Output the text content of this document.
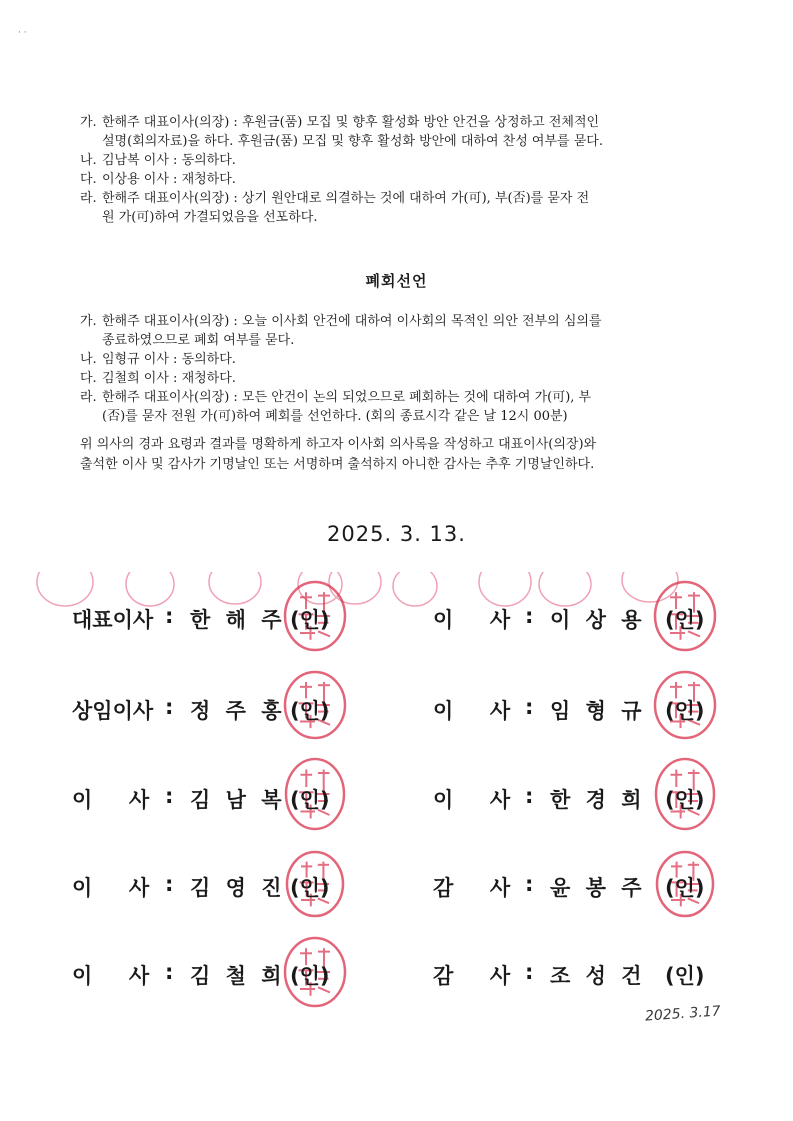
· ·
가. 한해주 대표이사(의장) : 후원금(품) 모집 및 향후 활성화 방안 안건을 상정하고 전체적인
설명(회의자료)을 하다. 후원금(품) 모집 및 향후 활성화 방안에 대하여 찬성 여부를 묻다.
나. 김남복 이사 : 동의하다.
다. 이상용 이사 : 재청하다.
라. 한해주 대표이사(의장) : 상기 원안대로 의결하는 것에 대하여 가(可), 부(否)를 묻자 전
원 가(可)하여 가결되었음을 선포하다.
폐회선언
가. 한해주 대표이사(의장) : 오늘 이사회 안건에 대하여 이사회의 목적인 의안 전부의 심의를
종료하였으므로 폐회 여부를 묻다.
나. 임형규 이사 : 동의하다.
다. 김철희 이사 : 재청하다.
라. 한해주 대표이사(의장) : 모든 안건이 논의 되었으므로 폐회하는 것에 대하여 가(可), 부
(否)를 묻자 전원 가(可)하여 폐회를 선언하다. (회의 종료시각 같은 날 12시 00분)
위 의사의 경과 요령과 결과를 명확하게 하고자 이사회 의사록을 작성하고 대표이사(의장)와
출석한 이사 및 감사가 기명날인 또는 서명하며 출석하지 아니한 감사는 추후 기명날인하다.
2025. 3. 13.
2025. 3.17
대표이사 : 한 해 주 (인)
상임이사 : 정 주 홍 (인)
이     사 : 김 남 복 (인)
이     사 : 김 영 진 (인)
이     사 : 김 철 희 (인)
이     사 : 이 상 용 (인)
이     사 : 임 형 규 (인)
이     사 : 한 경 희 (인)
감     사 : 윤 봉 주 (인)
감     사 : 조 성 건 (인)
